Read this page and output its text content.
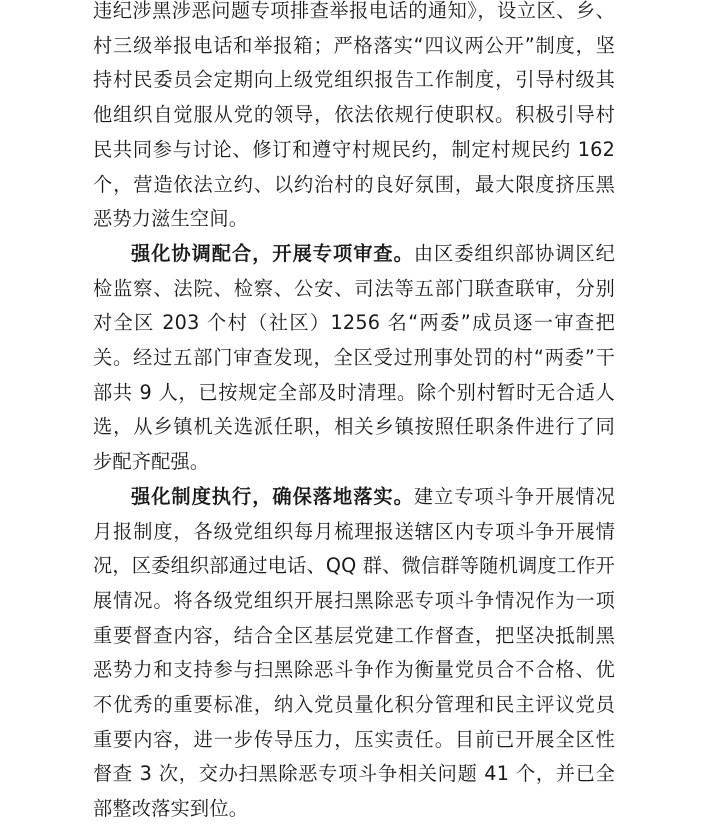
违纪涉黑涉恶问题专项排查举报电话的通知》，设立区、乡、村三级举报电话和举报箱；严格落实“四议两公开”制度，坚持村民委员会定期向上级党组织报告工作制度，引导村级其他组织自觉服从党的领导，依法依规行使职权。积极引导村民共同参与讨论、修订和遵守村规民约，制定村规民约 162 个，营造依法立约、以约治村的良好氛围，最大限度挤压黑恶势力滋生空间。

强化协调配合，开展专项审查。由区委组织部协调区纪检监察、法院、检察、公安、司法等五部门联查联审，分别对全区 203 个村（社区）1256 名“两委”成员逐一审查把关。经过五部门审查发现，全区受过刑事处罚的村“两委”干部共 9 人，已按规定全部及时清理。除个别村暂时无合适人选，从乡镇机关选派任职，相关乡镇按照任职条件进行了同步配齐配强。

强化制度执行，确保落地落实。建立专项斗争开展情况月报制度，各级党组织每月梳理报送辖区内专项斗争开展情况，区委组织部通过电话、QQ 群、微信群等随机调度工作开展情况。将各级党组织开展扫黑除恶专项斗争情况作为一项重要督查内容，结合全区基层党建工作督查，把坚决抵制黑恶势力和支持参与扫黑除恶斗争作为衡量党员合不合格、优不优秀的重要标准，纳入党员量化积分管理和民主评议党员重要内容，进一步传导压力，压实责任。目前已开展全区性督查 3 次，交办扫黑除恶专项斗争相关问题 41 个，并已全部整改落实到位。
